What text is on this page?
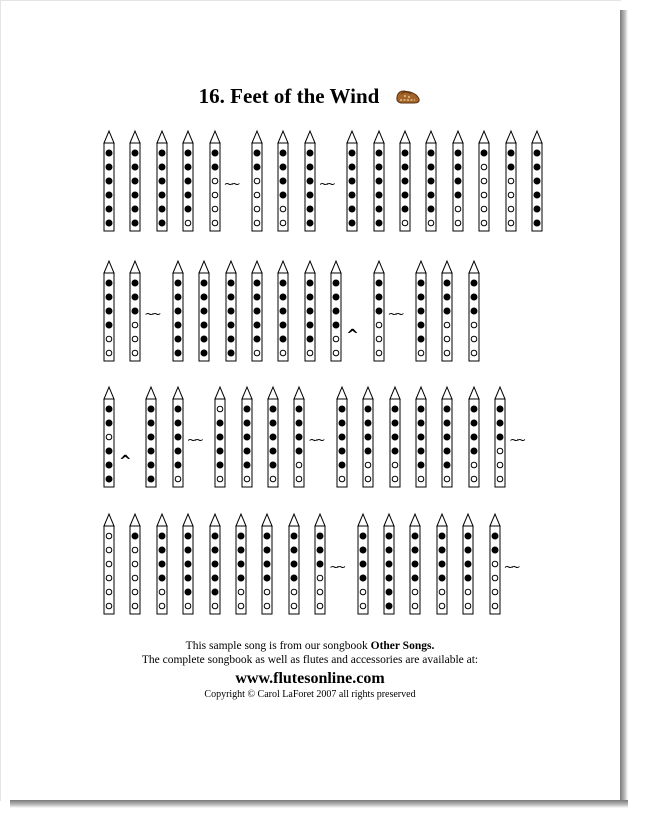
16. Feet of the Wind
~~	~~
~~
^
~~
^
~~	~~	~~
~~	~~
This sample song is from our songbook Other Songs.
The complete songbook as well as flutes and accessories are available at:
www.flutesonline.com
Copyright © Carol LaForet 2007 all rights preserved
